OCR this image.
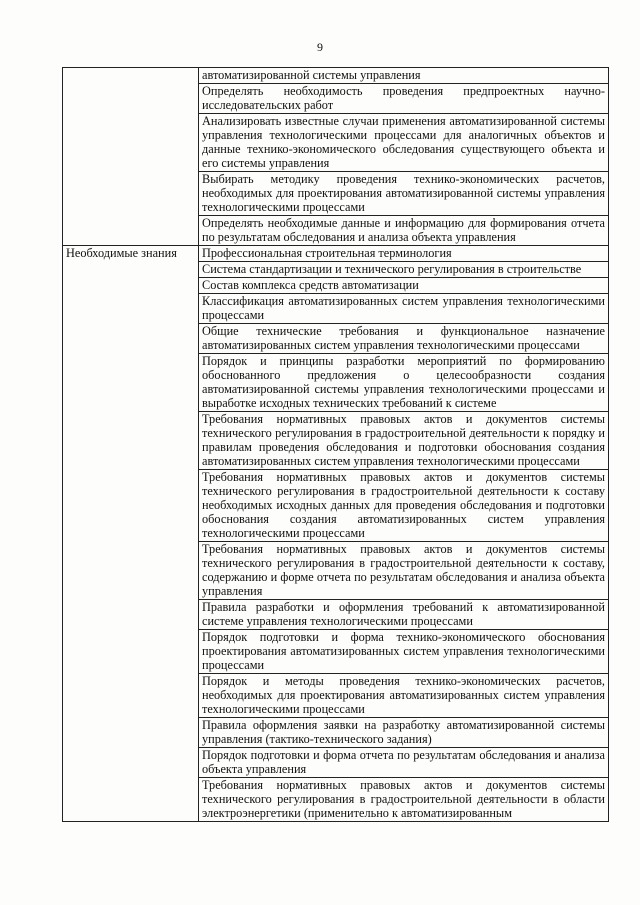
9
	автоматизированной системы управления
	Определять необходимость проведения предпроектных научно-исследовательских работ
	Анализировать известные случаи применения автоматизированной системы управления технологическими процессами для аналогичных объектов и данные технико-экономического обследования существующего объекта и его системы управления
	Выбирать методику проведения технико-экономических расчетов, необходимых для проектирования автоматизированной системы управления технологическими процессами
	Определять необходимые данные и информацию для формирования отчета по результатам обследования и анализа объекта управления
Необходимые знания	Профессиональная строительная терминология
	Система стандартизации и технического регулирования в строительстве
	Состав комплекса средств автоматизации
	Классификация автоматизированных систем управления технологическими процессами
	Общие технические требования и функциональное назначение автоматизированных систем управления технологическими процессами
	Порядок и принципы разработки мероприятий по формированию обоснованного предложения о целесообразности создания автоматизированной системы управления технологическими процессами и выработке исходных технических требований к системе
	Требования нормативных правовых актов и документов системы технического регулирования в градостроительной деятельности к порядку и правилам проведения обследования и подготовки обоснования создания автоматизированных систем управления технологическими процессами
	Требования нормативных правовых актов и документов системы технического регулирования в градостроительной деятельности к составу необходимых исходных данных для проведения обследования и подготовки обоснования создания автоматизированных систем управления технологическими процессами
	Требования нормативных правовых актов и документов системы технического регулирования в градостроительной деятельности к составу, содержанию и форме отчета по результатам обследования и анализа объекта управления
	Правила разработки и оформления требований к автоматизированной системе управления технологическими процессами
	Порядок подготовки и форма технико-экономического обоснования проектирования автоматизированных систем управления технологическими процессами
	Порядок и методы проведения технико-экономических расчетов, необходимых для проектирования автоматизированных систем управления технологическими процессами
	Правила оформления заявки на разработку автоматизированной системы управления (тактико-технического задания)
	Порядок подготовки и форма отчета по результатам обследования и анализа объекта управления
	Требования нормативных правовых актов и документов системы технического регулирования в градостроительной деятельности в области электроэнергетики (применительно к автоматизированным
